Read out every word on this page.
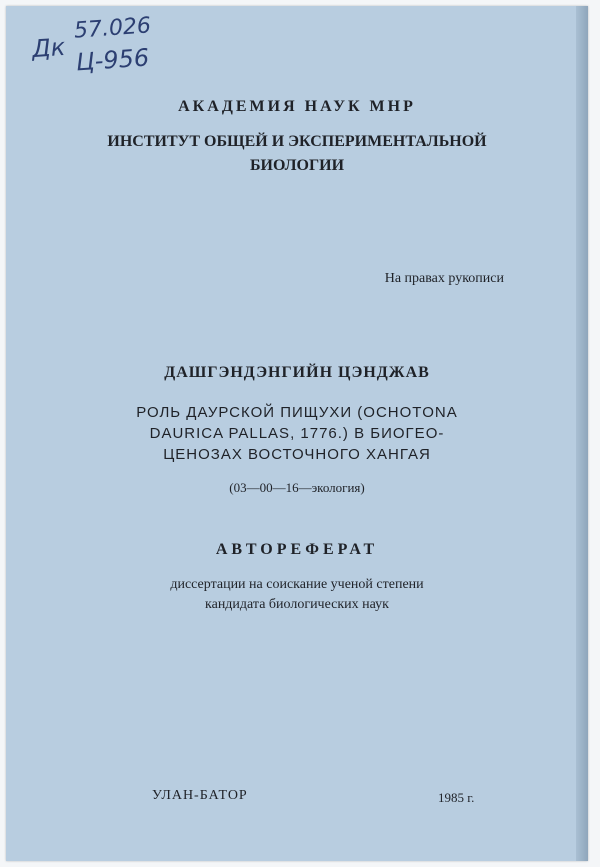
Дк
57.026
Ц-956
АКАДЕМИЯ НАУК МНР
ИНСТИТУТ ОБЩЕЙ И ЭКСПЕРИМЕНТАЛЬНОЙ
БИОЛОГИИ
На правах рукописи
ДАШГЭНДЭНГИЙН ЦЭНДЖАВ
РОЛЬ ДАУРСКОЙ ПИЩУХИ (OCHOTONA
DAURICA PALLAS, 1776.) В БИОГЕО-
ЦЕНОЗАХ ВОСТОЧНОГО ХАНГАЯ
(03—00—16—экология)
АВТОРЕФЕРАТ
диссертации на соискание ученой степени
кандидата биологических наук
УЛАН-БАТОР	1985 г.
